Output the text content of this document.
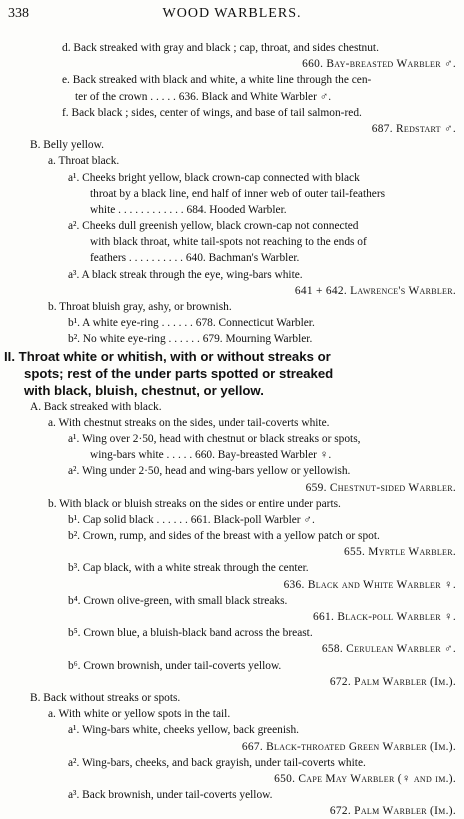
338	WOOD WARBLERS.
d. Back streaked with gray and black ; cap, throat, and sides chestnut.
660. Bay-breasted Warbler ♂.
e. Back streaked with black and white, a white line through the cen-
ter of the crown . . . . . 636. Black and White Warbler ♂.
f. Back black ; sides, center of wings, and base of tail salmon-red.
687. Redstart ♂.
B. Belly yellow.
a. Throat black.
a¹. Cheeks bright yellow, black crown-cap connected with black
throat by a black line, end half of inner web of outer tail-feathers
white . . . . . . . . . . . . 684. Hooded Warbler.
a². Cheeks dull greenish yellow, black crown-cap not connected
with black throat, white tail-spots not reaching to the ends of
feathers . . . . . . . . . . 640. Bachman's Warbler.
a³. A black streak through the eye, wing-bars white.
641 + 642. Lawrence's Warbler.
b. Throat bluish gray, ashy, or brownish.
b¹. A white eye-ring . . . . . . 678. Connecticut Warbler.
b². No white eye-ring . . . . . . 679. Mourning Warbler.
II. Throat white or whitish, with or without streaks or
spots; rest of the under parts spotted or streaked
with black, bluish, chestnut, or yellow.
A. Back streaked with black.
a. With chestnut streaks on the sides, under tail-coverts white.
a¹. Wing over 2·50, head with chestnut or black streaks or spots,
wing-bars white . . . . . 660. Bay-breasted Warbler ♀.
a². Wing under 2·50, head and wing-bars yellow or yellowish.
659. Chestnut-sided Warbler.
b. With black or bluish streaks on the sides or entire under parts.
b¹. Cap solid black . . . . . . 661. Black-poll Warbler ♂.
b². Crown, rump, and sides of the breast with a yellow patch or spot.
655. Myrtle Warbler.
b³. Cap black, with a white streak through the center.
636. Black and White Warbler ♀.
b⁴. Crown olive-green, with small black streaks.
661. Black-poll Warbler ♀.
b⁵. Crown blue, a bluish-black band across the breast.
658. Cerulean Warbler ♂.
b⁶. Crown brownish, under tail-coverts yellow.
672. Palm Warbler (Im.).
B. Back without streaks or spots.
a. With white or yellow spots in the tail.
a¹. Wing-bars white, cheeks yellow, back greenish.
667. Black-throated Green Warbler (Im.).
a². Wing-bars, cheeks, and back grayish, under tail-coverts white.
650. Cape May Warbler (♀ and im.).
a³. Back brownish, under tail-coverts yellow.
672. Palm Warbler (Im.).
